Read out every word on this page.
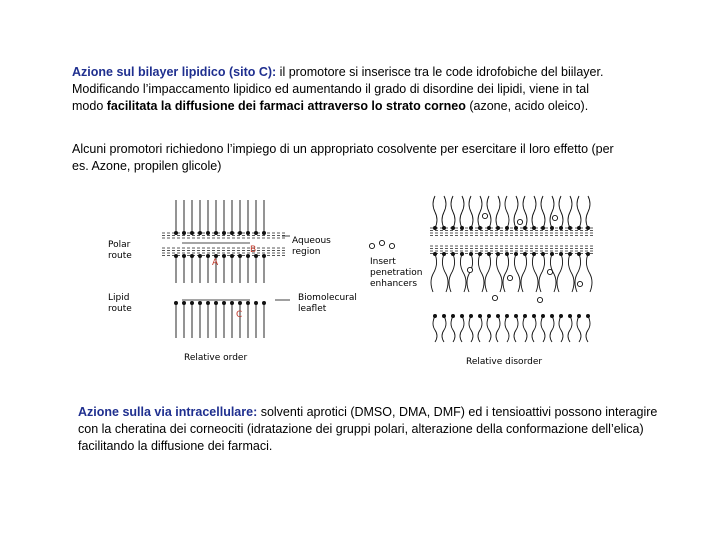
Azione sul bilayer lipidico (sito C): il promotore si inserisce tra le code idrofobiche del biilayer. Modificando l’impaccamento lipidico ed aumentando il grado di disordine dei lipidi, viene in tal modo facilitata la diffusione dei farmaci attraverso lo strato corneo (azone, acido oleico).
Alcuni promotori richiedono l’impiego di un appropriato cosolvente per esercitare il loro effetto (per es. Azone, propilen glicole)
Polar
route
Lipid
route
Aqueous
region
Biomolecural
leaflet
A
B
C
Relative order
Insert
penetration
enhancers
Relative disorder
Azione sulla via intracellulare: solventi aprotici (DMSO, DMA, DMF) ed i tensioattivi possono interagire con la cheratina dei corneociti (idratazione dei gruppi polari, alterazione della conformazione dell’elica) facilitando la diffusione dei farmaci.
